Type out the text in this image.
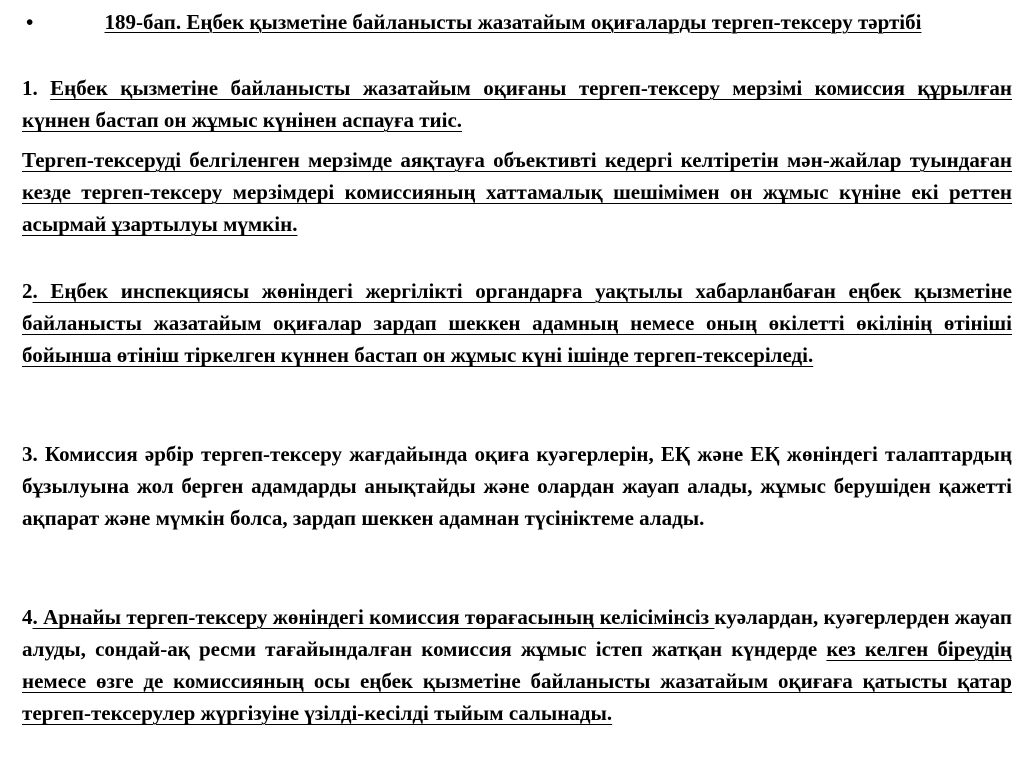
•	189-бап. Еңбек қызметіне байланысты жазатайым оқиғаларды тергеп-тексеру тәртібі
1. Еңбек қызметіне байланысты жазатайым оқиғаны тергеп-тексеру мерзімі комиссия құрылған күннен бастап он жұмыс күнінен аспауға тиіс.
Тергеп-тексеруді белгіленген мерзімде аяқтауға объективті кедергі келтіретін мән-жайлар туындаған кезде тергеп-тексеру мерзімдері комиссияның хаттамалық шешімімен он жұмыс күніне екі реттен асырмай ұзартылуы мүмкін.
2. Еңбек инспекциясы жөніндегі жергілікті органдарға уақтылы хабарланбаған еңбек қызметіне байланысты жазатайым оқиғалар зардап шеккен адамның немесе оның өкілетті өкілінің өтініші бойынша өтініш тіркелген күннен бастап он жұмыс күні ішінде тергеп-тексеріледі.
3. Комиссия әрбір тергеп-тексеру жағдайында оқиға куәгерлерін, ЕҚ және ЕҚ жөніндегі талаптардың бұзылуына жол берген адамдарды анықтайды және олардан жауап алады, жұмыс берушіден қажетті ақпарат және мүмкін болса, зардап шеккен адамнан түсініктеме алады.
4. Арнайы тергеп-тексеру жөніндегі комиссия төрағасының келісімінсіз куәлардан, куәгерлерден жауап алуды, сондай-ақ ресми тағайындалған комиссия жұмыс істеп жатқан күндерде кез келген біреудің немесе өзге де комиссияның осы еңбек қызметіне байланысты жазатайым оқиғаға қатысты қатар тергеп-тексерулер жүргізуіне үзілді-кесілді тыйым салынады.
